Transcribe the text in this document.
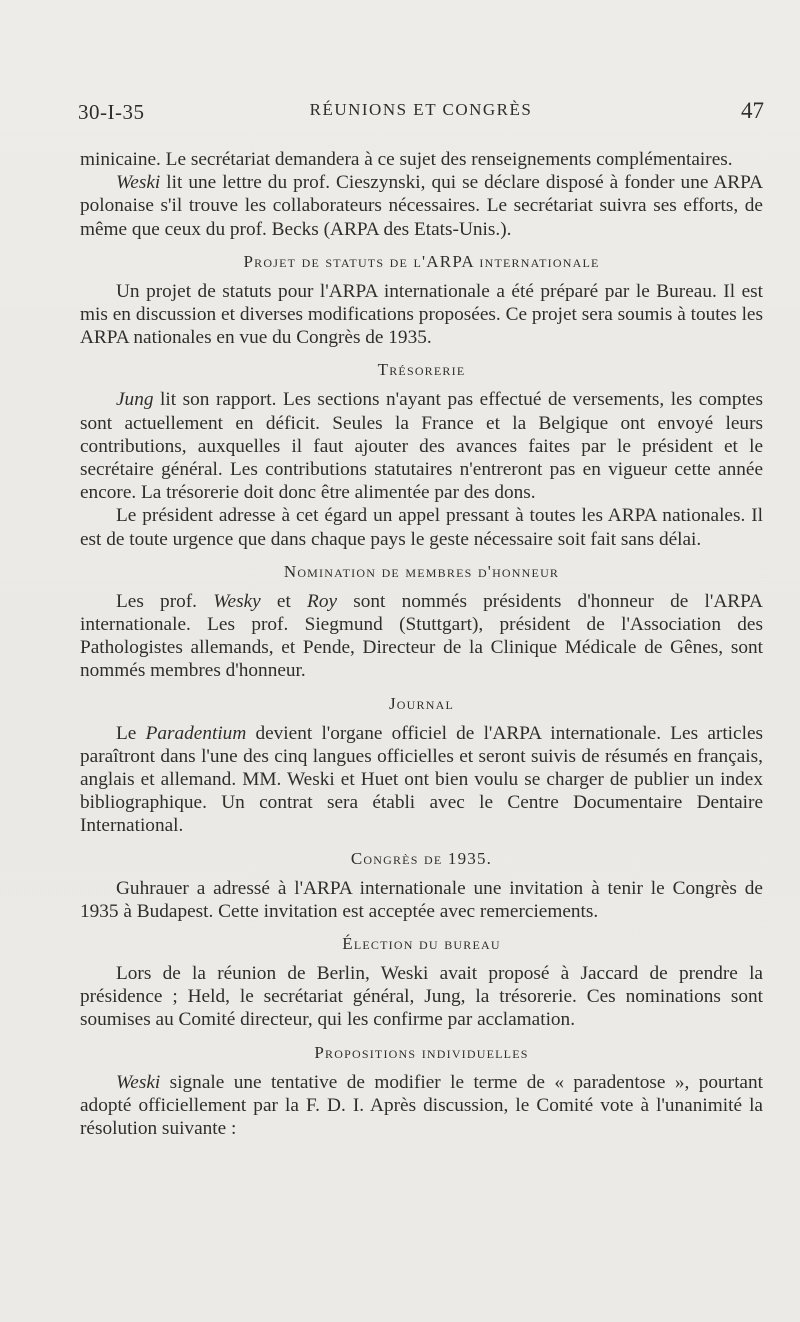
30-I-35	RÉUNIONS ET CONGRÈS	47

minicaine. Le secrétariat demandera à ce sujet des renseignements complémentaires.

Weski lit une lettre du prof. Cieszynski, qui se déclare disposé à fonder une ARPA polonaise s'il trouve les collaborateurs nécessaires. Le secrétariat suivra ses efforts, de même que ceux du prof. Becks (ARPA des Etats-Unis.).

Projet de statuts de l'ARPA internationale

Un projet de statuts pour l'ARPA internationale a été préparé par le Bureau. Il est mis en discussion et diverses modifications proposées. Ce projet sera soumis à toutes les ARPA nationales en vue du Congrès de 1935.

Trésorerie

Jung lit son rapport. Les sections n'ayant pas effectué de versements, les comptes sont actuellement en déficit. Seules la France et la Belgique ont envoyé leurs contributions, auxquelles il faut ajouter des avances faites par le président et le secrétaire général. Les contributions statutaires n'entreront pas en vigueur cette année encore. La trésorerie doit donc être alimentée par des dons.

Le président adresse à cet égard un appel pressant à toutes les ARPA nationales. Il est de toute urgence que dans chaque pays le geste nécessaire soit fait sans délai.

Nomination de membres d'honneur

Les prof. Wesky et Roy sont nommés présidents d'honneur de l'ARPA internationale. Les prof. Siegmund (Stuttgart), président de l'Association des Pathologistes allemands, et Pende, Directeur de la Clinique Médicale de Gênes, sont nommés membres d'honneur.

Journal

Le Paradentium devient l'organe officiel de l'ARPA internationale. Les articles paraîtront dans l'une des cinq langues officielles et seront suivis de résumés en français, anglais et allemand. MM. Weski et Huet ont bien voulu se charger de publier un index bibliographique. Un contrat sera établi avec le Centre Documentaire Dentaire International.

Congrès de 1935.

Guhrauer a adressé à l'ARPA internationale une invitation à tenir le Congrès de 1935 à Budapest. Cette invitation est acceptée avec remerciements.

Élection du bureau

Lors de la réunion de Berlin, Weski avait proposé à Jaccard de prendre la présidence ; Held, le secrétariat général, Jung, la trésorerie. Ces nominations sont soumises au Comité directeur, qui les confirme par acclamation.

Propositions individuelles

Weski signale une tentative de modifier le terme de « paradentose », pourtant adopté officiellement par la F. D. I. Après discussion, le Comité vote à l'unanimité la résolution suivante :
